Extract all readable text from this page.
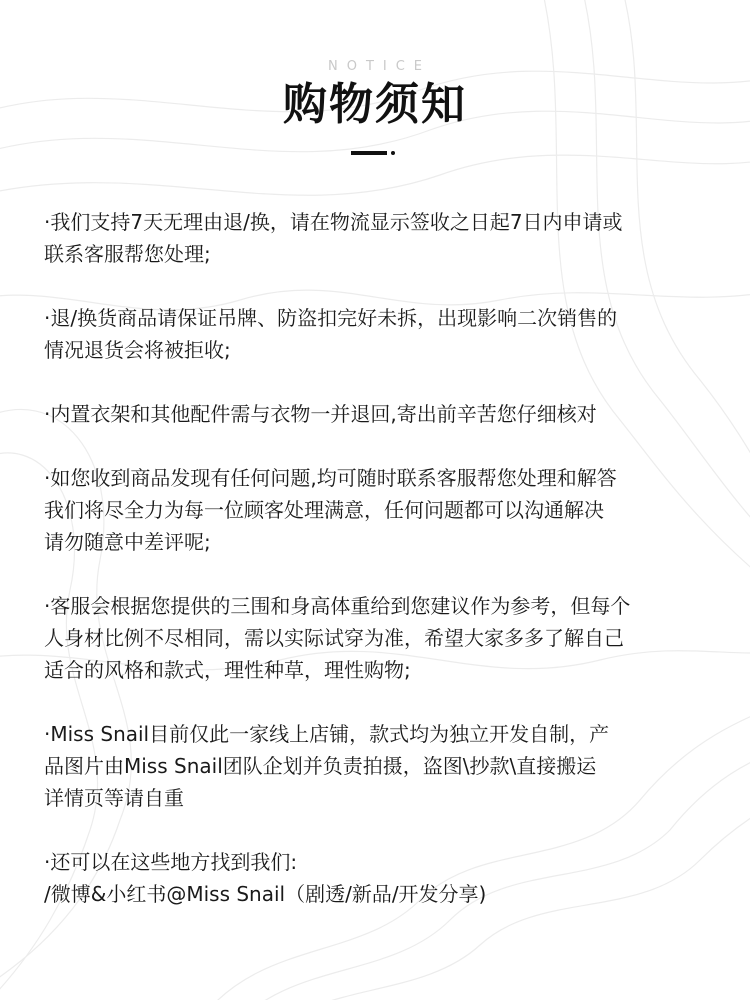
NOTICE
购物须知
·我们支持7天无理由退/换，请在物流显示签收之日起7日内申请或
联系客服帮您处理;
·退/换货商品请保证吊牌、防盗扣完好未拆，出现影响二次销售的
情况退货会将被拒收;
·内置衣架和其他配件需与衣物一并退回,寄出前辛苦您仔细核对
·如您收到商品发现有任何问题,均可随时联系客服帮您处理和解答
我们将尽全力为每一位顾客处理满意，任何问题都可以沟通解决
请勿随意中差评呢;
·客服会根据您提供的三围和身高体重给到您建议作为参考，但每个
人身材比例不尽相同，需以实际试穿为准，希望大家多多了解自己
适合的风格和款式，理性种草，理性购物;
·Miss Snail目前仅此一家线上店铺，款式均为独立开发自制，产
品图片由Miss Snail团队企划并负责拍摄，盗图\抄款\直接搬运
详情页等请自重
·还可以在这些地方找到我们:
/微博&小红书@Miss Snail（剧透/新品/开发分享)
